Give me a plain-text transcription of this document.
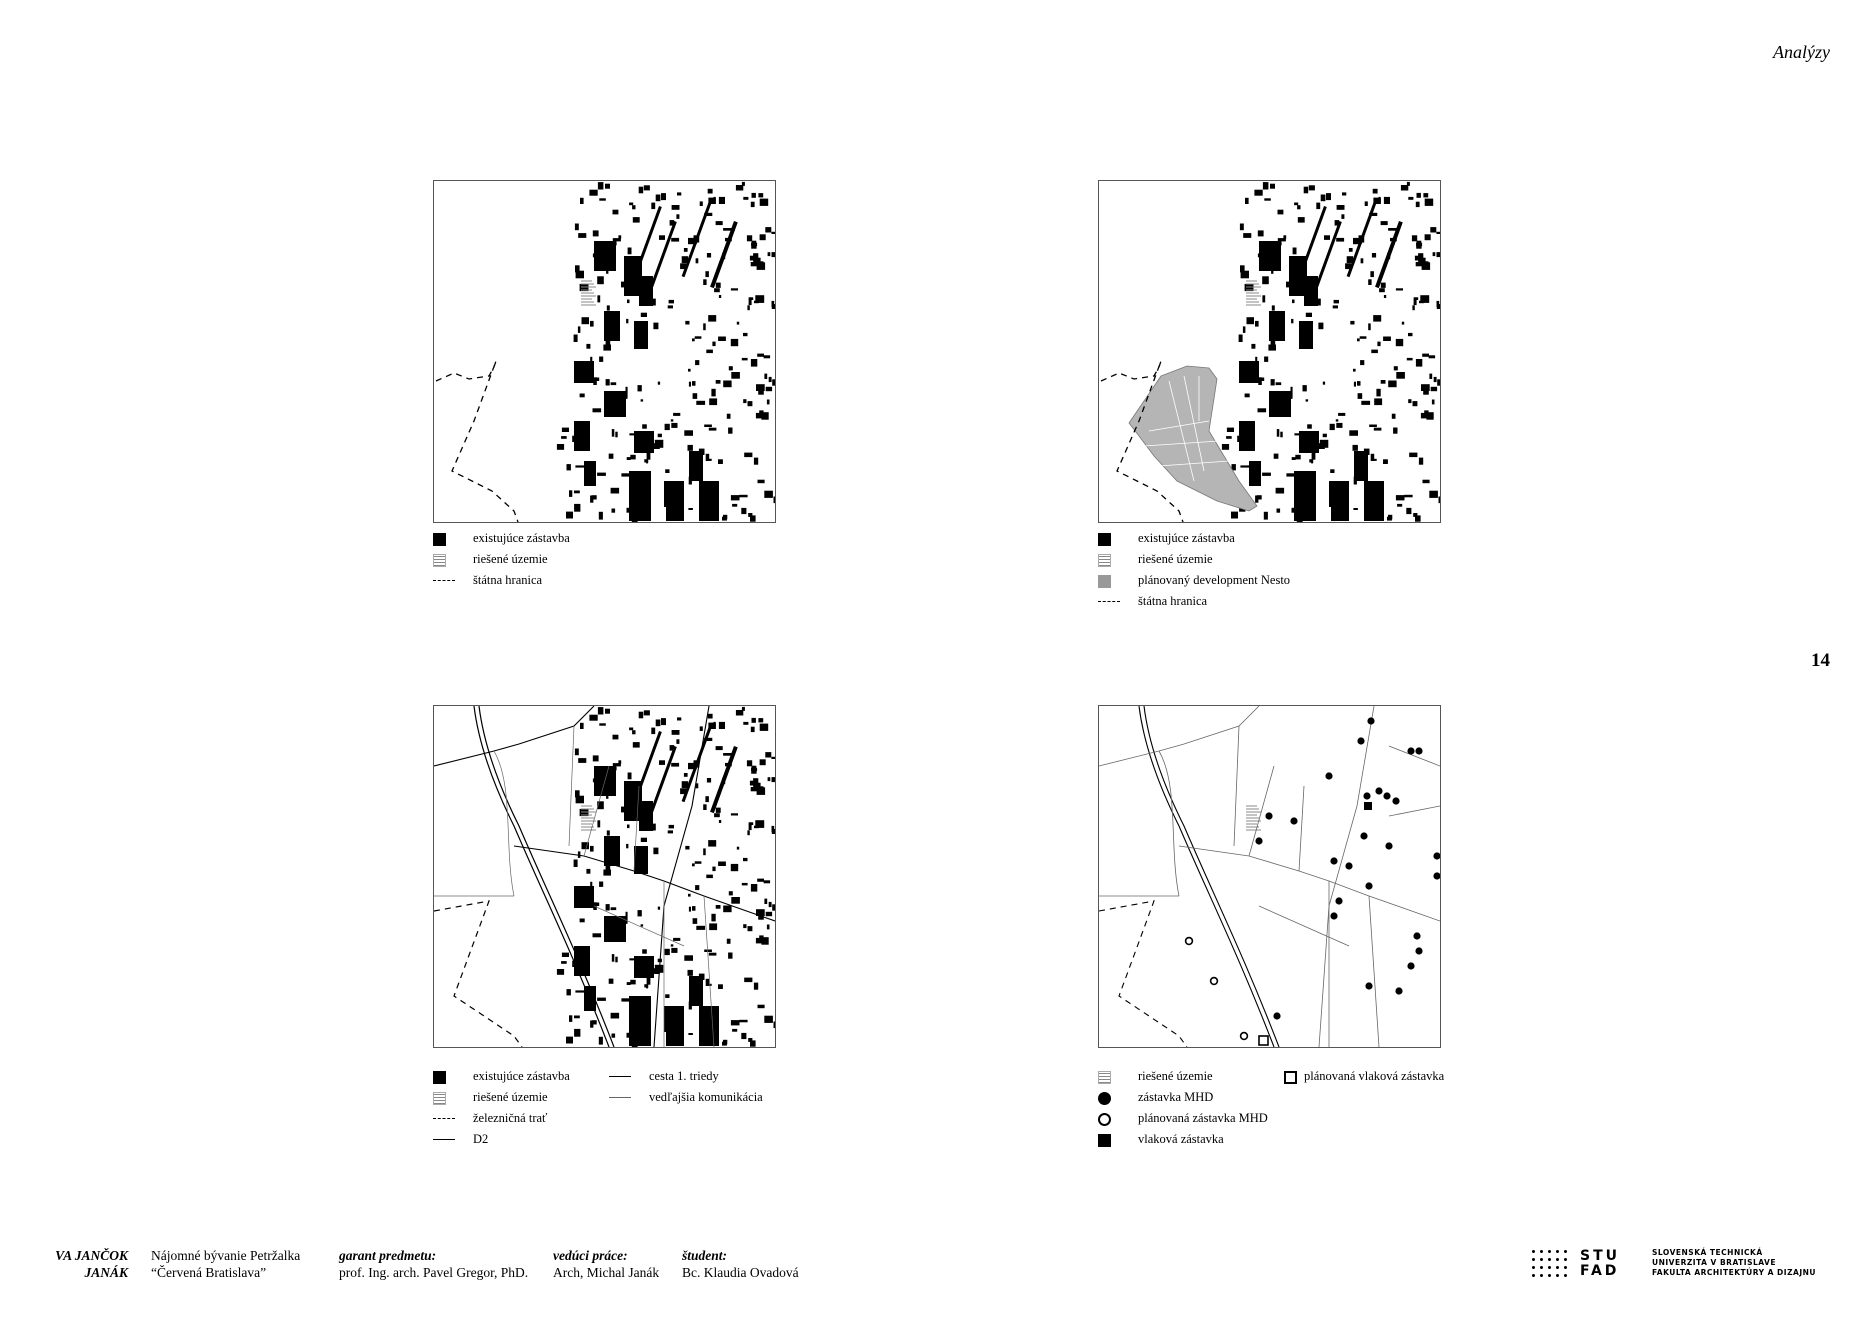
Analýzy
14
existujúce zástavba
riešené územie
štátna hranica
existujúce zástavba
riešené územie
plánovaný development Nesto
štátna hranica
existujúce zástavba
riešené územie
železničná trať
D2
cesta 1. triedy
vedľajšia komunikácia
riešené územie
zástavka MHD
plánovaná zástavka MHD
vlaková zástavka
plánovaná vlaková zástavka
VA JANČOK
JANÁK
Nájomné bývanie Petržalka
“Červená Bratislava”
garant predmetu:
prof. Ing. arch. Pavel Gregor, PhD.
vedúci práce:
Arch, Michal Janák
študent:
Bc. Klaudia Ovadová
STU
FAD
SLOVENSKÁ TECHNICKÁ
UNIVERZITA V BRATISLAVE
FAKULTA ARCHITEKTÚRY A DIZAJNU
